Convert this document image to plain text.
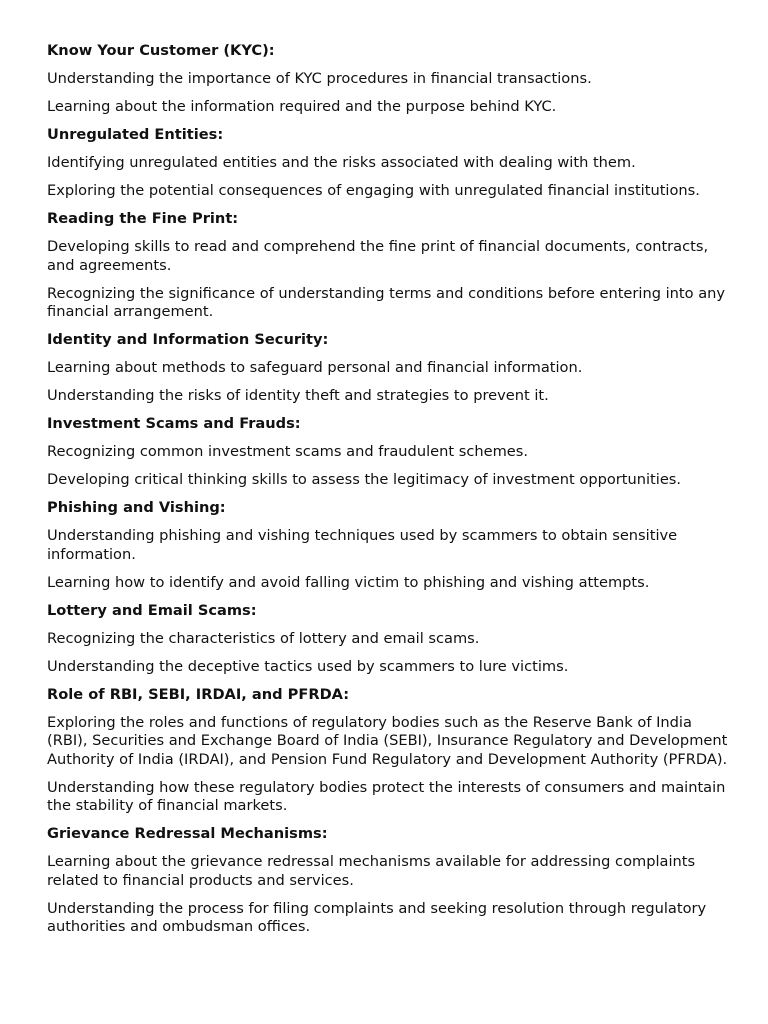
Know Your Customer (KYC):

Understanding the importance of KYC procedures in financial transactions.

Learning about the information required and the purpose behind KYC.

Unregulated Entities:

Identifying unregulated entities and the risks associated with dealing with them.

Exploring the potential consequences of engaging with unregulated financial institutions.

Reading the Fine Print:

Developing skills to read and comprehend the fine print of financial documents, contracts, and agreements.

Recognizing the significance of understanding terms and conditions before entering into any financial arrangement.

Identity and Information Security:

Learning about methods to safeguard personal and financial information.

Understanding the risks of identity theft and strategies to prevent it.

Investment Scams and Frauds:

Recognizing common investment scams and fraudulent schemes.

Developing critical thinking skills to assess the legitimacy of investment opportunities.

Phishing and Vishing:

Understanding phishing and vishing techniques used by scammers to obtain sensitive information.

Learning how to identify and avoid falling victim to phishing and vishing attempts.

Lottery and Email Scams:

Recognizing the characteristics of lottery and email scams.

Understanding the deceptive tactics used by scammers to lure victims.

Role of RBI, SEBI, IRDAI, and PFRDA:

Exploring the roles and functions of regulatory bodies such as the Reserve Bank of India (RBI), Securities and Exchange Board of India (SEBI), Insurance Regulatory and Development Authority of India (IRDAI), and Pension Fund Regulatory and Development Authority (PFRDA).

Understanding how these regulatory bodies protect the interests of consumers and maintain the stability of financial markets.

Grievance Redressal Mechanisms:

Learning about the grievance redressal mechanisms available for addressing complaints related to financial products and services.

Understanding the process for filing complaints and seeking resolution through regulatory authorities and ombudsman offices.
